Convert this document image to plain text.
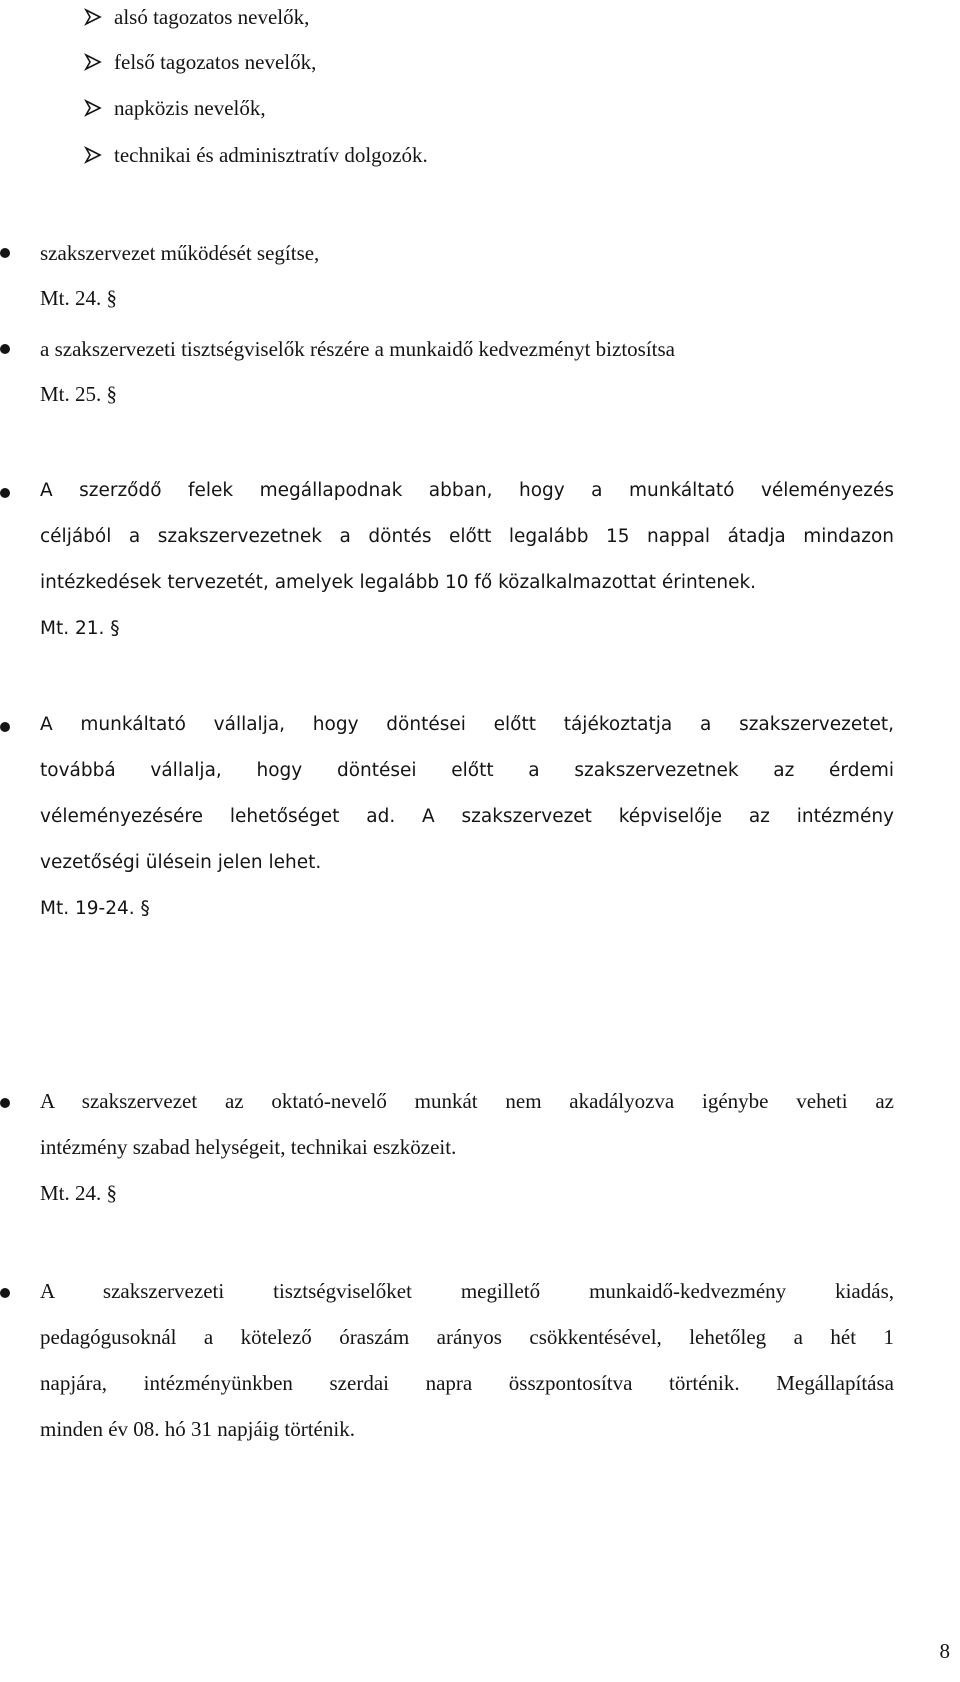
alsó tagozatos nevelők,
felső tagozatos nevelők,
napközis nevelők,
technikai és adminisztratív dolgozók.
szakszervezet működését segítse,
Mt. 24. §
a szakszervezeti tisztségviselők részére a munkaidő kedvezményt biztosítsa
Mt. 25. §
A szerződő felek megállapodnak abban, hogy a munkáltató véleményezés
céljából a szakszervezetnek a döntés előtt legalább 15 nappal átadja mindazon
intézkedések tervezetét, amelyek legalább 10 fő közalkalmazottat érintenek.
Mt. 21. §
A munkáltató vállalja, hogy döntései előtt tájékoztatja a szakszervezetet,
továbbá vállalja, hogy döntései előtt a szakszervezetnek az érdemi
véleményezésére lehetőséget ad. A szakszervezet képviselője az intézmény
vezetőségi ülésein jelen lehet.
Mt. 19-24. §
A szakszervezet az oktató-nevelő munkát nem akadályozva igénybe veheti az
intézmény szabad helységeit, technikai eszközeit.
Mt. 24. §
A szakszervezeti tisztségviselőket megillető munkaidő-kedvezmény kiadás,
pedagógusoknál a kötelező óraszám arányos csökkentésével, lehetőleg a hét 1
napjára, intézményünkben szerdai napra összpontosítva történik. Megállapítása
minden év 08. hó 31 napjáig történik.
8
